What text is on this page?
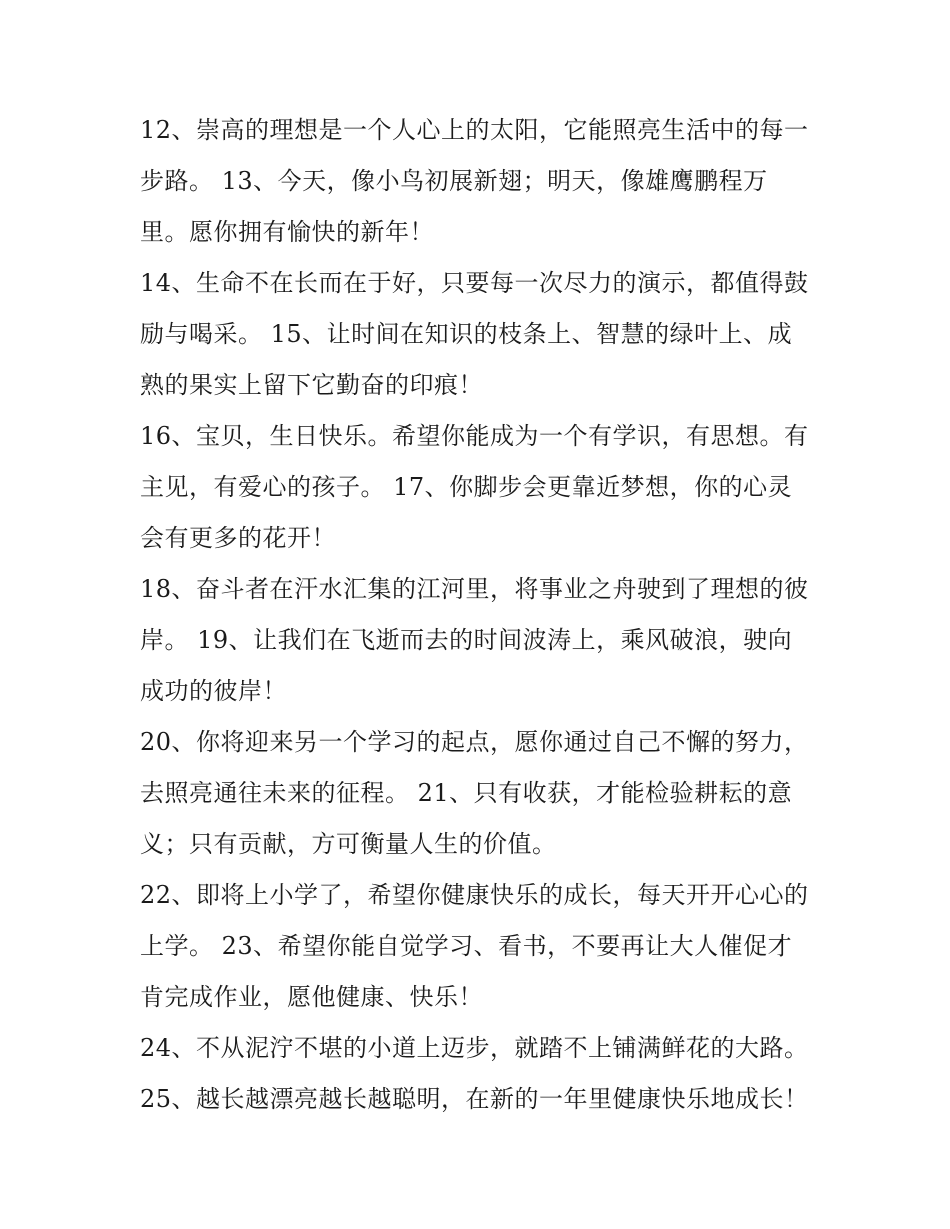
12、崇高的理想是一个人心上的太阳，它能照亮生活中的每一
步路。 13、今天，像小鸟初展新翅；明天，像雄鹰鹏程万
里。愿你拥有愉快的新年！
14、生命不在长而在于好，只要每一次尽力的演示，都值得鼓
励与喝采。 15、让时间在知识的枝条上、智慧的绿叶上、成
熟的果实上留下它勤奋的印痕！
16、宝贝，生日快乐。希望你能成为一个有学识，有思想。有
主见，有爱心的孩子。 17、你脚步会更靠近梦想，你的心灵
会有更多的花开！
18、奋斗者在汗水汇集的江河里，将事业之舟驶到了理想的彼
岸。 19、让我们在飞逝而去的时间波涛上，乘风破浪，驶向
成功的彼岸！
20、你将迎来另一个学习的起点，愿你通过自己不懈的努力，
去照亮通往未来的征程。 21、只有收获，才能检验耕耘的意
义；只有贡献，方可衡量人生的价值。
22、即将上小学了，希望你健康快乐的成长，每天开开心心的
上学。 23、希望你能自觉学习、看书，不要再让大人催促才
肯完成作业，愿他健康、快乐！
24、不从泥泞不堪的小道上迈步，就踏不上铺满鲜花的大路。
25、越长越漂亮越长越聪明，在新的一年里健康快乐地成长！
